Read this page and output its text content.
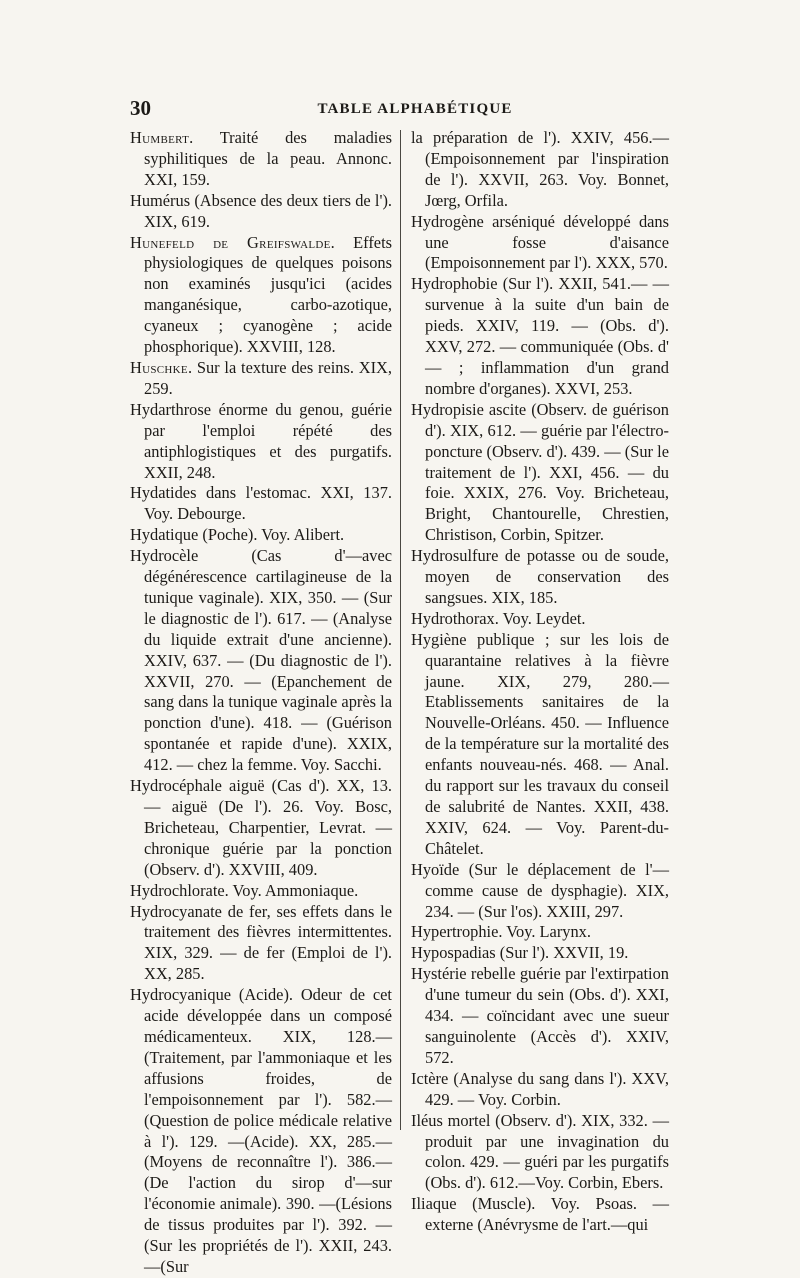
30	TABLE ALPHABÉTIQUE

Humbert. Traité des maladies syphilitiques de la peau. Annonc. XXI, 159.

Humérus (Absence des deux tiers de l'). XIX, 619.

Hunefeld de Greifswalde. Effets physiologiques de quelques poisons non examinés jusqu'ici (acides manganésique, carbo-azotique, cyaneux ; cyanogène ; acide phosphorique). XXVIII, 128.

Huschke. Sur la texture des reins. XIX, 259.

Hydarthrose énorme du genou, guérie par l'emploi répété des antiphlogistiques et des purgatifs. XXII, 248.

Hydatides dans l'estomac. XXI, 137. Voy. Debourge.

Hydatique (Poche). Voy. Alibert.

Hydrocèle (Cas d'—avec dégénérescence cartilagineuse de la tunique vaginale). XIX, 350. — (Sur le diagnostic de l'). 617. — (Analyse du liquide extrait d'une ancienne). XXIV, 637. — (Du diagnostic de l'). XXVII, 270. — (Epanchement de sang dans la tunique vaginale après la ponction d'une). 418. — (Guérison spontanée et rapide d'une). XXIX, 412. — chez la femme. Voy. Sacchi.

Hydrocéphale aiguë (Cas d'). XX, 13. — aiguë (De l'). 26. Voy. Bosc, Bricheteau, Charpentier, Levrat. — chronique guérie par la ponction (Observ. d'). XXVIII, 409.

Hydrochlorate. Voy. Ammoniaque.

Hydrocyanate de fer, ses effets dans le traitement des fièvres intermittentes. XIX, 329. — de fer (Emploi de l'). XX, 285.

Hydrocyanique (Acide). Odeur de cet acide développée dans un composé médicamenteux. XIX, 128.— (Traitement, par l'ammoniaque et les affusions froides, de l'empoisonnement par l'). 582.—(Question de police médicale relative à l'). 129. —(Acide). XX, 285.—(Moyens de reconnaître l'). 386.—(De l'action du sirop d'—sur l'économie animale). 390. —(Lésions de tissus produites par l'). 392. — (Sur les propriétés de l'). XXII, 243.—(Sur

la préparation de l'). XXIV, 456.— (Empoisonnement par l'inspiration de l'). XXVII, 263. Voy. Bonnet, Jœrg, Orfila.

Hydrogène arséniqué développé dans une fosse d'aisance (Empoisonnement par l'). XXX, 570.

Hydrophobie (Sur l'). XXII, 541.— — survenue à la suite d'un bain de pieds. XXIV, 119. — (Obs. d'). XXV, 272. — communiquée (Obs. d' — ; inflammation d'un grand nombre d'organes). XXVI, 253.

Hydropisie ascite (Observ. de guérison d'). XIX, 612. — guérie par l'électro-poncture (Observ. d'). 439. — (Sur le traitement de l'). XXI, 456. — du foie. XXIX, 276. Voy. Bricheteau, Bright, Chantourelle, Chrestien, Christison, Corbin, Spitzer.

Hydrosulfure de potasse ou de soude, moyen de conservation des sangsues. XIX, 185.

Hydrothorax. Voy. Leydet.

Hygiène publique ; sur les lois de quarantaine relatives à la fièvre jaune. XIX, 279, 280.—Etablissements sanitaires de la Nouvelle-Orléans. 450. — Influence de la température sur la mortalité des enfants nouveau-nés. 468. — Anal. du rapport sur les travaux du conseil de salubrité de Nantes. XXII, 438. XXIV, 624. — Voy. Parent-du-Châtelet.

Hyoïde (Sur le déplacement de l'— comme cause de dysphagie). XIX, 234. — (Sur l'os). XXIII, 297.

Hypertrophie. Voy. Larynx.

Hypospadias (Sur l'). XXVII, 19.

Hystérie rebelle guérie par l'extirpation d'une tumeur du sein (Obs. d'). XXI, 434. — coïncidant avec une sueur sanguinolente (Accès d'). XXIV, 572.

Ictère (Analyse du sang dans l'). XXV, 429. — Voy. Corbin.

Iléus mortel (Observ. d'). XIX, 332. —produit par une invagination du colon. 429. — guéri par les purgatifs (Obs. d'). 612.—Voy. Corbin, Ebers.

Iliaque (Muscle). Voy. Psoas. — externe (Anévrysme de l'art.—qui
